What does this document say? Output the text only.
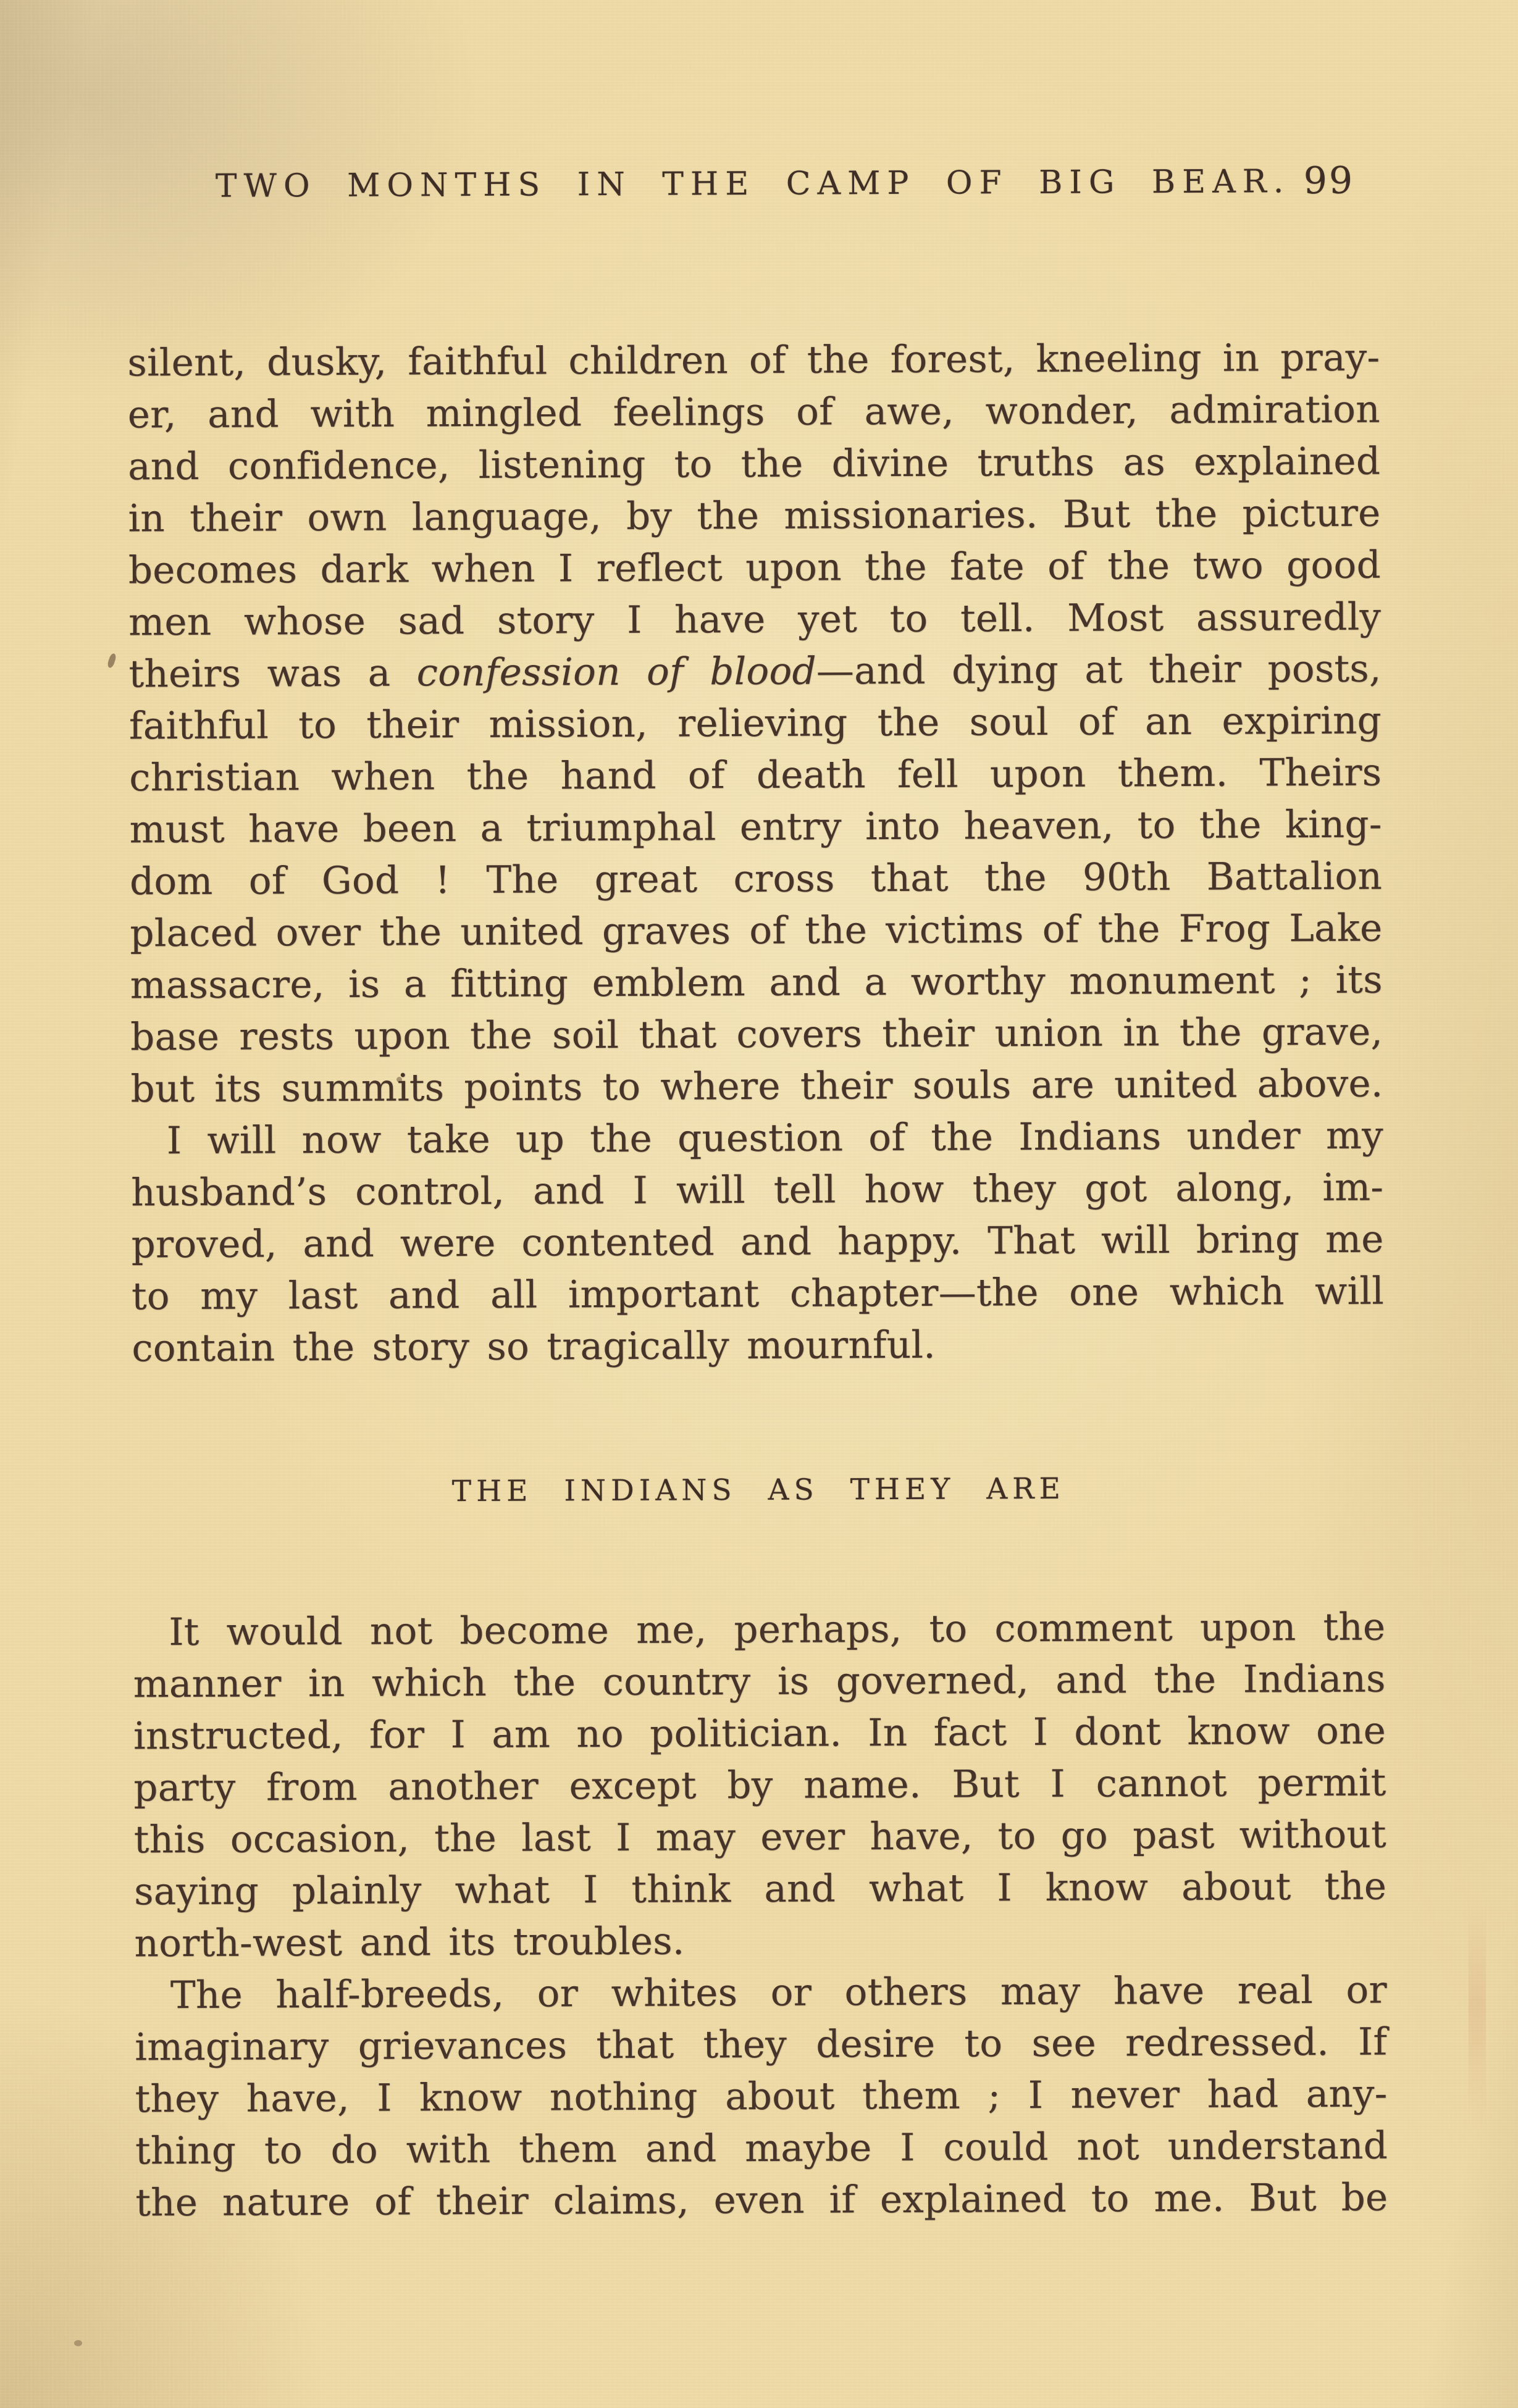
TWO MONTHS IN THE CAMP OF BIG BEAR. 99
silent, dusky, faithful children of the forest, kneeling in pray-
er, and with mingled feelings of awe, wonder, admiration
and confidence, listening to the divine truths as explained
in their own language, by the missionaries. But the picture
becomes dark when I reflect upon the fate of the two good
men whose sad story I have yet to tell. Most assuredly
theirs was a confession of blood—and dying at their posts,
faithful to their mission, relieving the soul of an expiring
christian when the hand of death fell upon them. Theirs
must have been a triumphal entry into heaven, to the king-
dom of God ! The great cross that the 90th Battalion
placed over the united graves of the victims of the Frog Lake
massacre, is a fitting emblem and a worthy monument ; its
base rests upon the soil that covers their union in the grave,
but its summits points to where their souls are united above.
I will now take up the question of the Indians under my
husband’s control, and I will tell how they got along, im-
proved, and were contented and happy. That will bring me
to my last and all important chapter—the one which will
contain the story so tragically mournful.
THE INDIANS AS THEY ARE
It would not become me, perhaps, to comment upon the
manner in which the country is governed, and the Indians
instructed, for I am no politician. In fact I dont know one
party from another except by name. But I cannot permit
this occasion, the last I may ever have, to go past without
saying plainly what I think and what I know about the
north-west and its troubles.
The half-breeds, or whites or others may have real or
imaginary grievances that they desire to see redressed. If
they have, I know nothing about them ; I never had any-
thing to do with them and maybe I could not understand
the nature of their claims, even if explained to me. But be
